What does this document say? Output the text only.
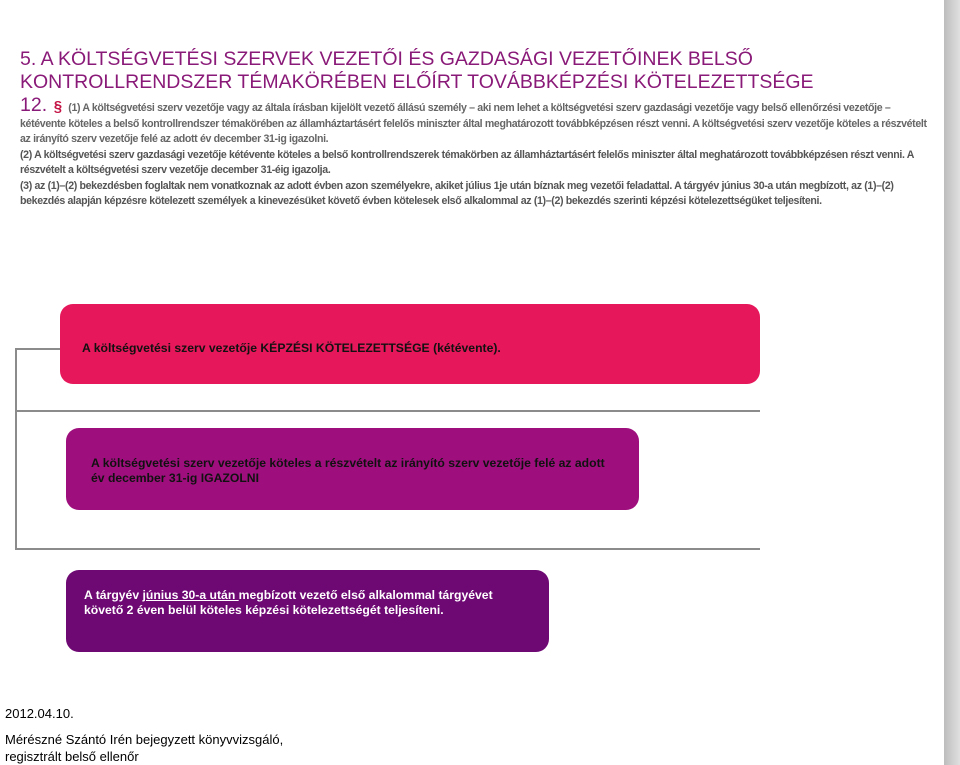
5. A KÖLTSÉGVETÉSI SZERVEK VEZETŐI ÉS GAZDASÁGI VEZETŐINEK BELSŐ
KONTROLLRENDSZER TÉMAKÖRÉBEN ELŐÍRT TOVÁBBKÉPZÉSI KÖTELEZETTSÉGE

12. § (1) A költségvetési szerv vezetője vagy az általa írásban kijelölt vezető állású személy – aki nem lehet a költségvetési szerv gazdasági vezetője vagy belső ellenőrzési vezetője – kétévente köteles a belső kontrollrendszer témakörében az államháztartásért felelős miniszter által meghatározott továbbképzésen részt venni. A költségvetési szerv vezetője köteles a részvételt az irányító szerv vezetője felé az adott év december 31-ig igazolni.

(2) A költségvetési szerv gazdasági vezetője kétévente köteles a belső kontrollrendszerek témakörben az államháztartásért felelős miniszter által meghatározott továbbképzésen részt venni. A részvételt a költségvetési szerv vezetője december 31-éig igazolja.

(3) az (1)–(2) bekezdésben foglaltak nem vonatkoznak az adott évben azon személyekre, akiket július 1je után bíznak meg vezetői feladattal. A tárgyév június 30-a után megbízott, az (1)–(2) bekezdés alapján képzésre kötelezett személyek a kinevezésüket követő évben kötelesek első alkalommal az (1)–(2) bekezdés szerinti képzési kötelezettségüket teljesíteni.

A költségvetési szerv vezetője KÉPZÉSI KÖTELEZETTSÉGE (kétévente).
A költségvetési szerv vezetője köteles a részvételt az irányító szerv vezetője felé az adott év december 31-ig IGAZOLNI
A tárgyév június 30-a után megbízott vezető első alkalommal tárgyévet követő 2 éven belül köteles képzési kötelezettségét teljesíteni.
2012.04.10.
Mérészné Szántó Irén bejegyzett könyvvizsgáló, regisztrált belső ellenőr
